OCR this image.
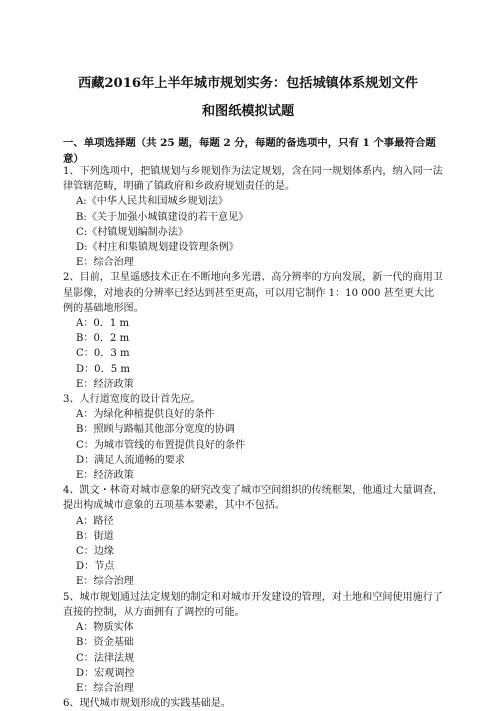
西藏2016年上半年城市规划实务：包括城镇体系规划文件
和图纸模拟试题
一、单项选择题（共 25 题，每题 2 分，每题的备选项中，只有 1 个事最符合题意）

1、下列选项中，把镇规划与乡规划作为法定规划，含在同一规划体系内，纳入同一法律管辖范畴，明确了镇政府和乡政府规划责任的是。

A:《中华人民共和国城乡规划法》

B:《关于加强小城镇建设的若干意见》

C:《村镇规划编制办法》

D:《村庄和集镇规划建设管理条例》

E：综合治理

2、目前，卫星遥感技术正在不断地向多光谱、高分辨率的方向发展，新一代的商用卫星影像，对地表的分辨率已经达到甚至更高，可以用它制作 1：10 000 甚至更大比例的基础地形图。

A：0．1 m

B：0．2 m

C：0．3 m

D：0．5 m

E：经济政策

3、人行道宽度的设计首先应。

A：为绿化种植提供良好的条件

B：照顾与路幅其他部分宽度的协调

C：为城市管线的布置提供良好的条件

D：满足人流通畅的要求

E：经济政策

4、凯文・林奇对城市意象的研究改变了城市空间组织的传统框架，他通过大量调查，提出构成城市意象的五项基本要素，其中不包括。

A：路径

B：街道

C：边缘

D：节点

E：综合治理

5、城市规划通过法定规划的制定和对城市开发建设的管理，对土地和空间使用施行了直接的控制，从方面拥有了调控的可能。

A：物质实体

B：资金基础

C：法律法规

D：宏观调控

E：综合治理

6、现代城市规划形成的实践基础是。
